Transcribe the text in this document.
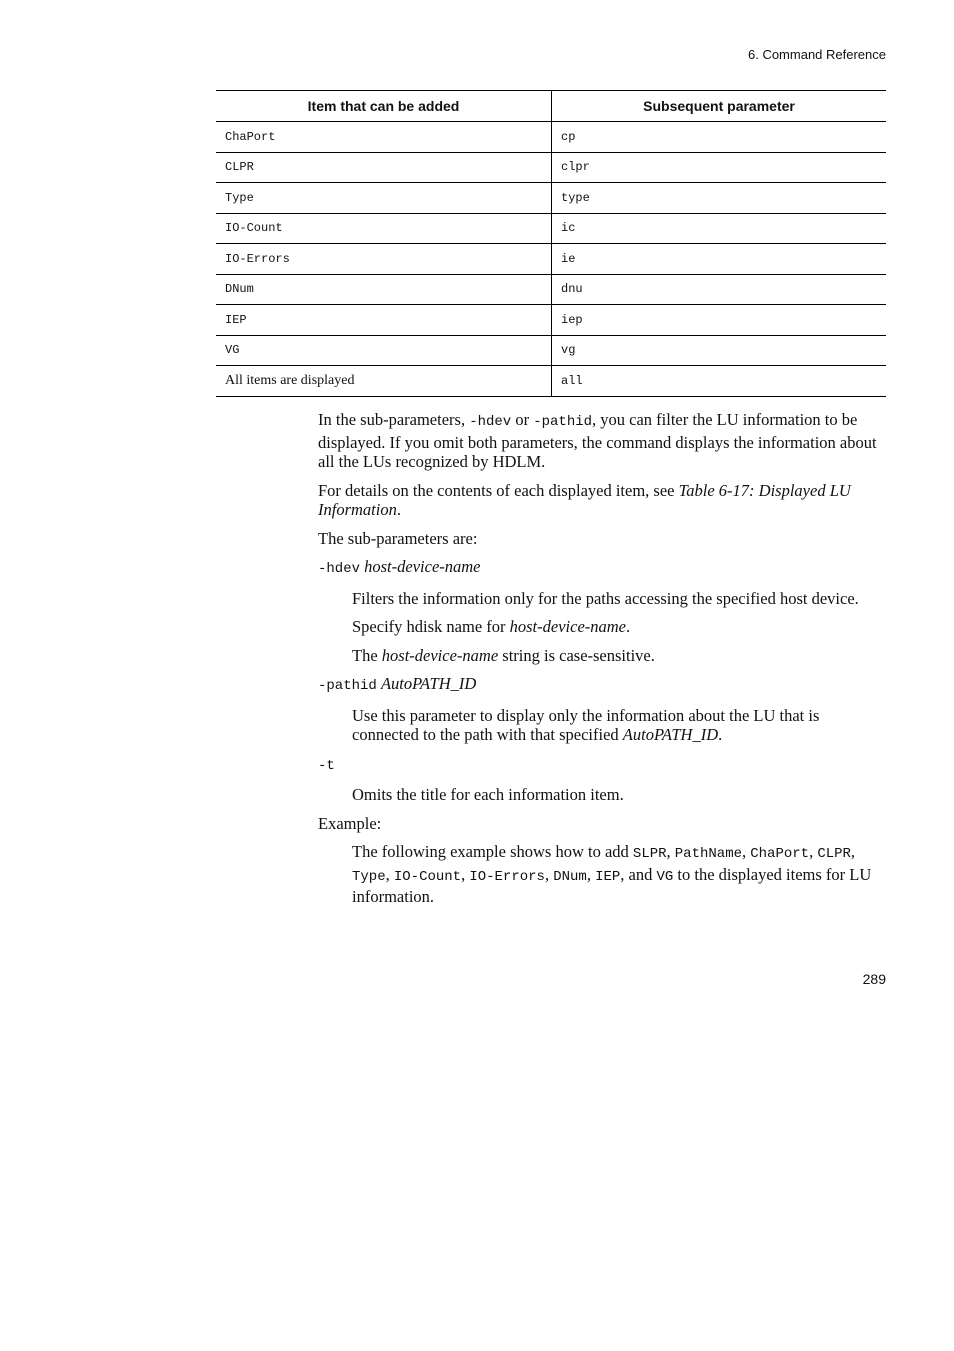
6. Command Reference
Item that can be added	Subsequent parameter
ChaPort	cp
CLPR	clpr
Type	type
IO-Count	ic
IO-Errors	ie
DNum	dnu
IEP	iep
VG	vg
All items are displayed	all

In the sub-parameters, -hdev or -pathid, you can filter the LU information to be displayed. If you omit both parameters, the command displays the information about all the LUs recognized by HDLM.

For details on the contents of each displayed item, see Table 6-17: Displayed LU Information.

The sub-parameters are:

-hdev host-device-name

Filters the information only for the paths accessing the specified host device.

Specify hdisk name for host-device-name.

The host-device-name string is case-sensitive.

-pathid AutoPATH_ID

Use this parameter to display only the information about the LU that is connected to the path with that specified AutoPATH_ID.

-t

Omits the title for each information item.

Example:

The following example shows how to add SLPR, PathName, ChaPort, CLPR, Type, IO-Count, IO-Errors, DNum, IEP, and VG to the displayed items for LU information.

289
